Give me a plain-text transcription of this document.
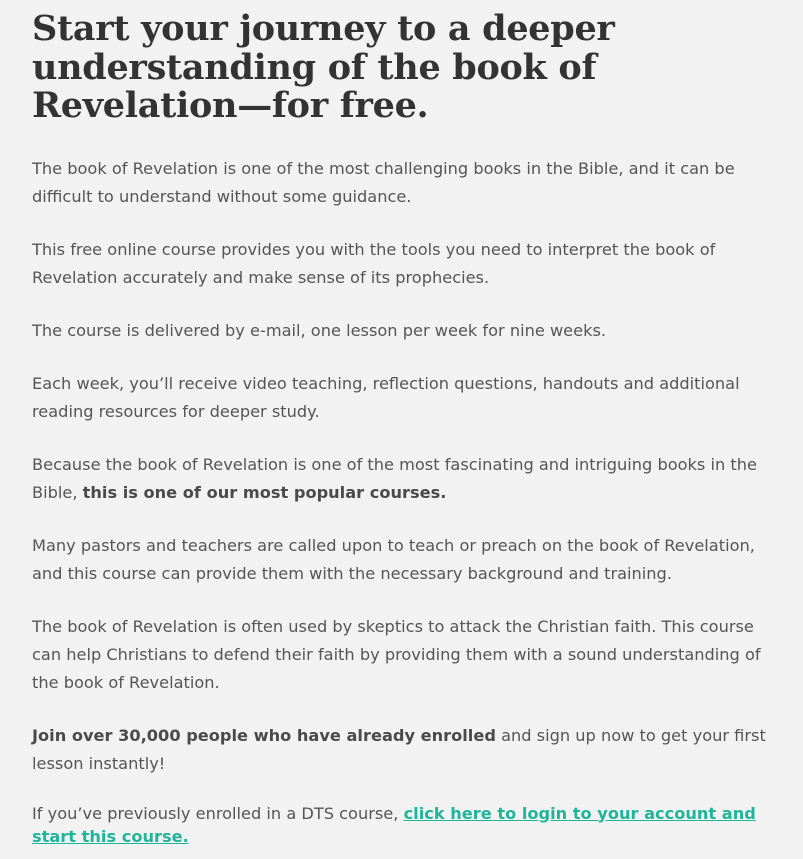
Start your journey to a deeper understanding of the book of Revelation—for free.

The book of Revelation is one of the most challenging books in the Bible, and it can be difficult to understand without some guidance.

This free online course provides you with the tools you need to interpret the book of Revelation accurately and make sense of its prophecies.

The course is delivered by e-mail, one lesson per week for nine weeks.

Each week, you’ll receive video teaching, reflection questions, handouts and additional reading resources for deeper study.

Because the book of Revelation is one of the most fascinating and intriguing books in the Bible, this is one of our most popular courses.

Many pastors and teachers are called upon to teach or preach on the book of Revelation, and this course can provide them with the necessary background and training.

The book of Revelation is often used by skeptics to attack the Christian faith. This course can help Christians to defend their faith by providing them with a sound understanding of the book of Revelation.

Join over 30,000 people who have already enrolled and sign up now to get your first lesson instantly!

If you’ve previously enrolled in a DTS course, click here to login to your account and start this course.
